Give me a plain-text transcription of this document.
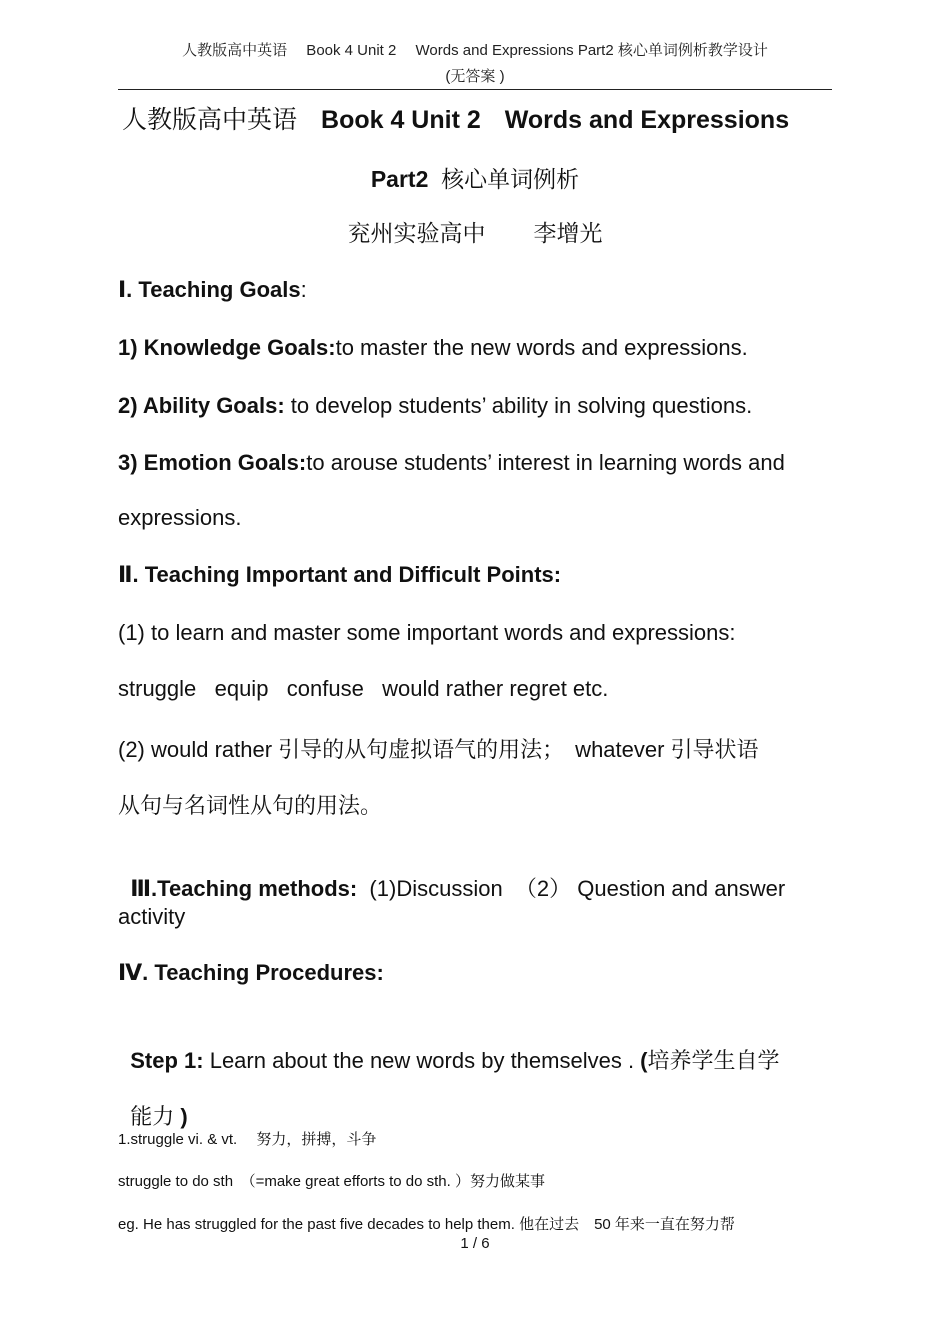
人教版高中英语　 Book 4 Unit 2　 Words and Expressions Part2 核心单词例析教学设计
(无答案 )
人教版高中英语 Book 4 Unit 2 Words and Expressions
Part2 核心单词例析
兖州实验高中 李增光
Ⅰ. Teaching Goals:
1) Knowledge Goals:to master the new words and expressions.
2) Ability Goals: to develop students’ ability in solving questions.
3) Emotion Goals:to arouse students’ interest in learning words and
expressions.
Ⅱ. Teaching Important and Difficult Points:
(1) to learn and master some important words and expressions:
struggle   equip   confuse   would rather regret etc.
(2) would rather 引导的从句虚拟语气的用法；　whatever 引导状语
从句与名词性从句的用法。

Ⅲ.Teaching methods:  (1)Discussion  （2） Question and answer

activity
Ⅳ. Teaching Procedures:

Step 1: Learn about the new words by themselves . (培养学生自学

能力 )

1.struggle vi. & vt.　 努力，拼搏，斗争
struggle to do sth　（=make great efforts to do sth. ）努力做某事
eg. He has struggled for the past five decades to help them. 他在过去　50 年来一直在努力帮
1 / 6
